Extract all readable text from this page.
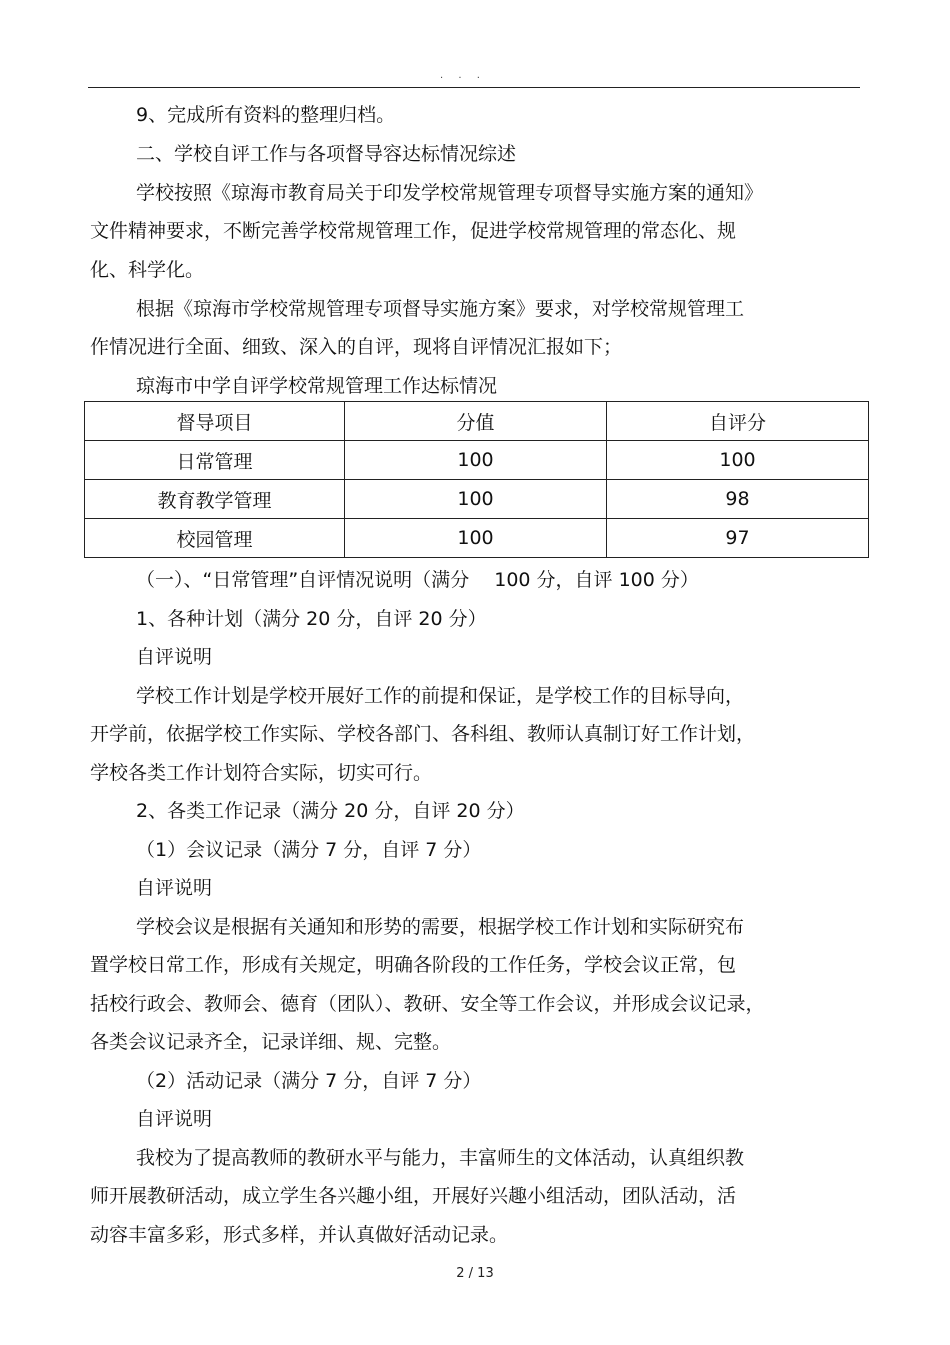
. . .
9、完成所有资料的整理归档。
二、学校自评工作与各项督导容达标情况综述
学校按照《琼海市教育局关于印发学校常规管理专项督导实施方案的通知》
文件精神要求，不断完善学校常规管理工作，促进学校常规管理的常态化、规
化、科学化。
根据《琼海市学校常规管理专项督导实施方案》要求，对学校常规管理工
作情况进行全面、细致、深入的自评，现将自评情况汇报如下；
琼海市中学自评学校常规管理工作达标情况
督导项目	分值	自评分
日常管理	100	100
教育教学管理	100	98
校园管理	100	97
（一）、“日常管理”自评情况说明（满分　 100 分，自评 100 分）
1、各种计划（满分 20 分，自评 20 分）
自评说明
学校工作计划是学校开展好工作的前提和保证，是学校工作的目标导向，
开学前，依据学校工作实际、学校各部门、各科组、教师认真制订好工作计划，
学校各类工作计划符合实际，切实可行。
2、各类工作记录（满分 20 分，自评 20 分）
（1）会议记录（满分 7 分，自评 7 分）
自评说明
学校会议是根据有关通知和形势的需要，根据学校工作计划和实际研究布
置学校日常工作，形成有关规定，明确各阶段的工作任务，学校会议正常，包
括校行政会、教师会、德育（团队）、教研、安全等工作会议，并形成会议记录，
各类会议记录齐全，记录详细、规、完整。
（2）活动记录（满分 7 分，自评 7 分）
自评说明
我校为了提高教师的教研水平与能力，丰富师生的文体活动，认真组织教
师开展教研活动，成立学生各兴趣小组，开展好兴趣小组活动，团队活动，活
动容丰富多彩，形式多样，并认真做好活动记录。
2 / 13
